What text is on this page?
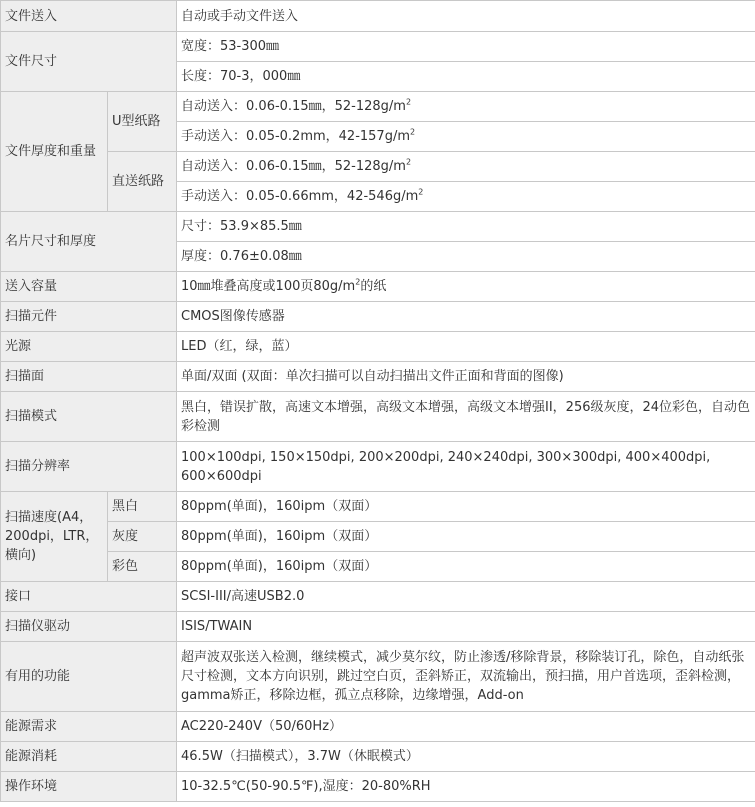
文件送入		自动或手动文件送入
文件尺寸		宽度：53-300㎜
		长度：70-3，000㎜
文件厚度和重量	U型纸路	自动送入：0.06-0.15㎜，$52-128g/m^2$
		手动送入：0.05-0.2mm，$42-157g/m^2$
	直送纸路	自动送入：0.06-0.15㎜，$52-128g/m^2$
		手动送入：0.05-0.66mm，$42-546g/m^2$
名片尺寸和厚度		尺寸：53.9×85.5㎜
		厚度：0.76±0.08㎜
送入容量		10㎜堆叠高度或100页$80g/m^2$的纸
扫描元件		CMOS图像传感器
光源		LED（红，绿，蓝）
扫描面		单面/双面 (双面：单次扫描可以自动扫描出文件正面和背面的图像)
扫描模式		黑白，错误扩散，高速文本增强，高级文本增强，高级文本增强II，256级灰度，24位彩色，自动色彩检测
扫描分辨率		100×100dpi, 150×150dpi, 200×200dpi, 240×240dpi, 300×300dpi, 400×400dpi, 600×600dpi
扫描速度(A4，200dpi，LTR，横向)	黑白	80ppm(单面)，160ipm（双面）
	灰度	80ppm(单面)，160ipm（双面）
	彩色	80ppm(单面)，160ipm（双面）
接口		SCSI-III/高速USB2.0
扫描仪驱动		ISIS/TWAIN
有用的功能		超声波双张送入检测，继续模式，减少莫尔纹，防止渗透/移除背景，移除装订孔，除色，自动纸张尺寸检测，文本方向识别，跳过空白页，歪斜矫正，双流输出，预扫描，用户首选项，歪斜检测，gamma矫正，移除边框，孤立点移除，边缘增强，Add-on
能源需求		AC220-240V（50/60Hz）
能源消耗		46.5W（扫描模式），3.7W（休眠模式）
操作环境		10-32.5℃(50-90.5℉),湿度：20-80%RH
